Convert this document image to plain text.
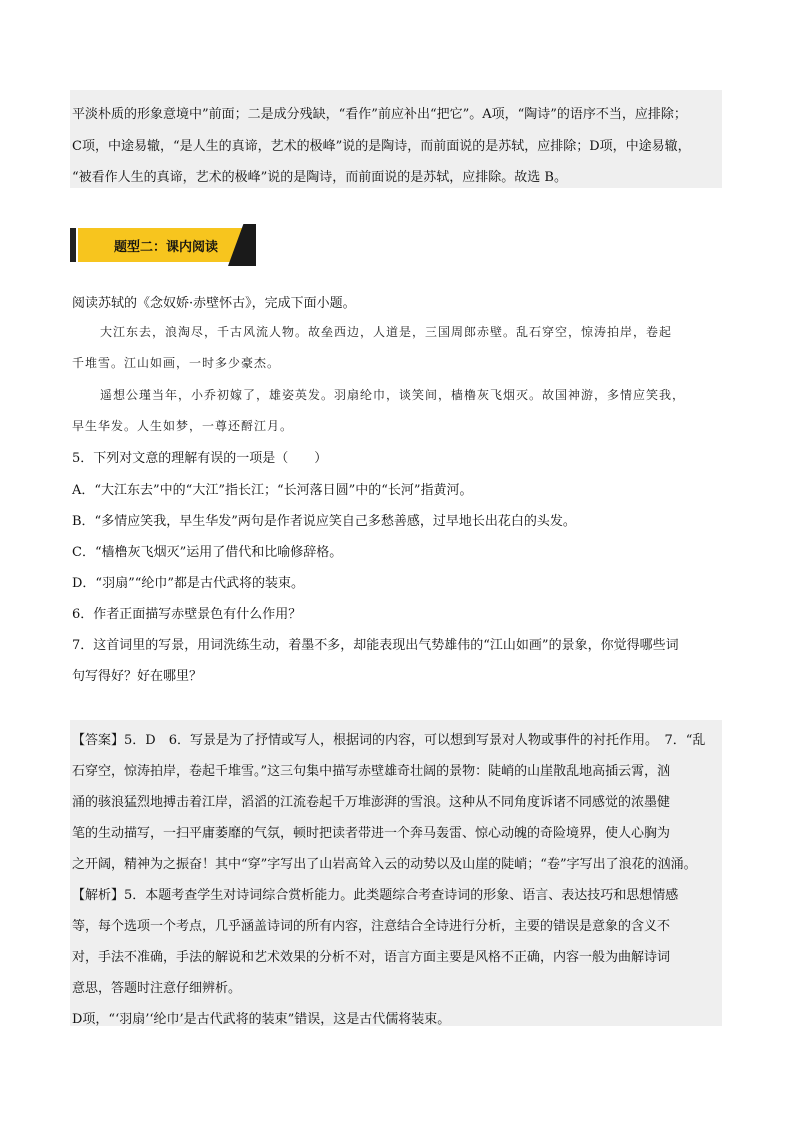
平淡朴质的形象意境中”前面；二是成分残缺，“看作”前应补出“把它”。A项，“陶诗”的语序不当，应排除；
C项，中途易辙，“是人生的真谛，艺术的极峰”说的是陶诗，而前面说的是苏轼，应排除；D项，中途易辙，
“被看作人生的真谛，艺术的极峰”说的是陶诗，而前面说的是苏轼，应排除。故选 B。
题型二：课内阅读
阅读苏轼的《念奴娇·赤壁怀古》，完成下面小题。
大江东去，浪淘尽，千古风流人物。故垒西边，人道是，三国周郎赤壁。乱石穿空，惊涛拍岸，卷起
千堆雪。江山如画，一时多少豪杰。
遥想公瑾当年，小乔初嫁了，雄姿英发。羽扇纶巾，谈笑间，樯橹灰飞烟灭。故国神游，多情应笑我，
早生华发。人生如梦，一尊还酹江月。
5．下列对文意的理解有误的一项是（　　）
A．“大江东去”中的“大江”指长江；“长河落日圆”中的“长河”指黄河。
B．“多情应笑我，早生华发”两句是作者说应笑自己多愁善感，过早地长出花白的头发。
C．“樯橹灰飞烟灭”运用了借代和比喻修辞格。
D．“羽扇”“纶巾”都是古代武将的装束。
6．作者正面描写赤壁景色有什么作用？
7．这首词里的写景，用词洗练生动，着墨不多，却能表现出气势雄伟的“江山如画”的景象，你觉得哪些词
句写得好？好在哪里？
【答案】5．D　6．写景是为了抒情或写人，根据词的内容，可以想到写景对人物或事件的衬托作用。　7．“乱
石穿空，惊涛拍岸，卷起千堆雪。”这三句集中描写赤壁雄奇壮阔的景物：陡峭的山崖散乱地高插云霄，汹
涌的骇浪猛烈地搏击着江岸，滔滔的江流卷起千万堆澎湃的雪浪。这种从不同角度诉诸不同感觉的浓墨健
笔的生动描写，一扫平庸萎靡的气氛，顿时把读者带进一个奔马轰雷、惊心动魄的奇险境界，使人心胸为
之开阔，精神为之振奋！其中“穿”字写出了山岩高耸入云的动势以及山崖的陡峭；“卷”字写出了浪花的汹涌。
【解析】5．本题考查学生对诗词综合赏析能力。此类题综合考查诗词的形象、语言、表达技巧和思想情感
等，每个选项一个考点，几乎涵盖诗词的所有内容，注意结合全诗进行分析，主要的错误是意象的含义不
对，手法不准确，手法的解说和艺术效果的分析不对，语言方面主要是风格不正确，内容一般为曲解诗词
意思，答题时注意仔细辨析。
D项，“‘羽扇’‘纶巾’是古代武将的装束”错误，这是古代儒将装束。
